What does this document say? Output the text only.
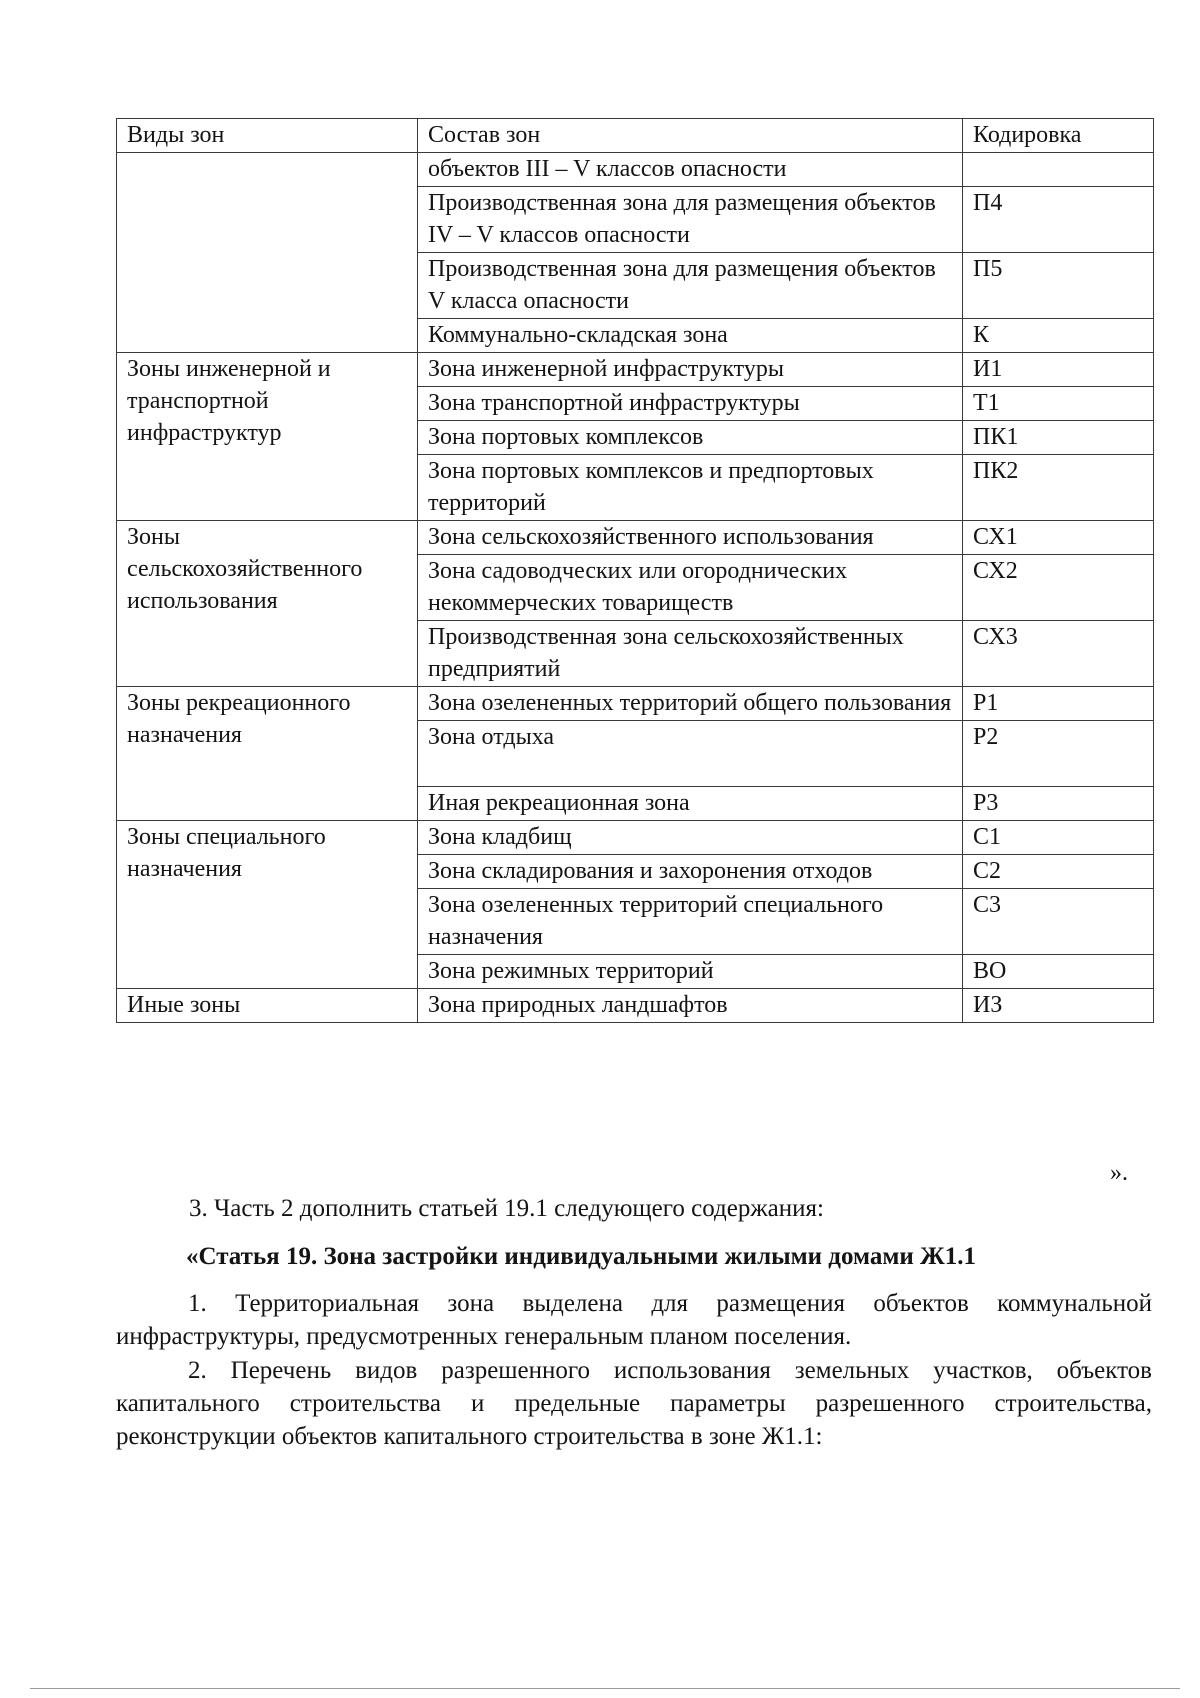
Виды зон	Состав зон	Кодировка
	объектов III – V классов опасности	
	Производственная зона для размещения объектов IV – V классов опасности	П4
	Производственная зона для размещения объектов V класса опасности	П5
	Коммунально-складская зона	К
Зоны инженерной и транспортной инфраструктур	Зона инженерной инфраструктуры	И1
	Зона транспортной инфраструктуры	Т1
	Зона портовых комплексов	ПК1
	Зона портовых комплексов и предпортовых территорий	ПК2
Зоны сельскохозяйственного использования	Зона сельскохозяйственного использования	СХ1
	Зона садоводческих или огороднических некоммерческих товариществ	СХ2
	Производственная зона сельскохозяйственных предприятий	СХ3
Зоны рекреационного назначения	Зона озелененных территорий общего пользования	Р1
	Зона отдыха	Р2
	Иная рекреационная зона	Р3
Зоны специального назначения	Зона кладбищ	С1
	Зона складирования и захоронения отходов	С2
	Зона озелененных территорий специального назначения	С3
	Зона режимных территорий	ВО
Иные зоны	Зона природных ландшафтов	ИЗ
».
3. Часть 2 дополнить статьей 19.1 следующего содержания:
«Статья 19. Зона застройки индивидуальными жилыми домами Ж1.1

1. Территориальная зона выделена для размещения объектов коммунальной инфраструктуры, предусмотренных генеральным планом поселения.

2. Перечень видов разрешенного использования земельных участков, объектов капитального строительства и предельные параметры разрешенного строительства, реконструкции объектов капитального строительства в зоне Ж1.1:
